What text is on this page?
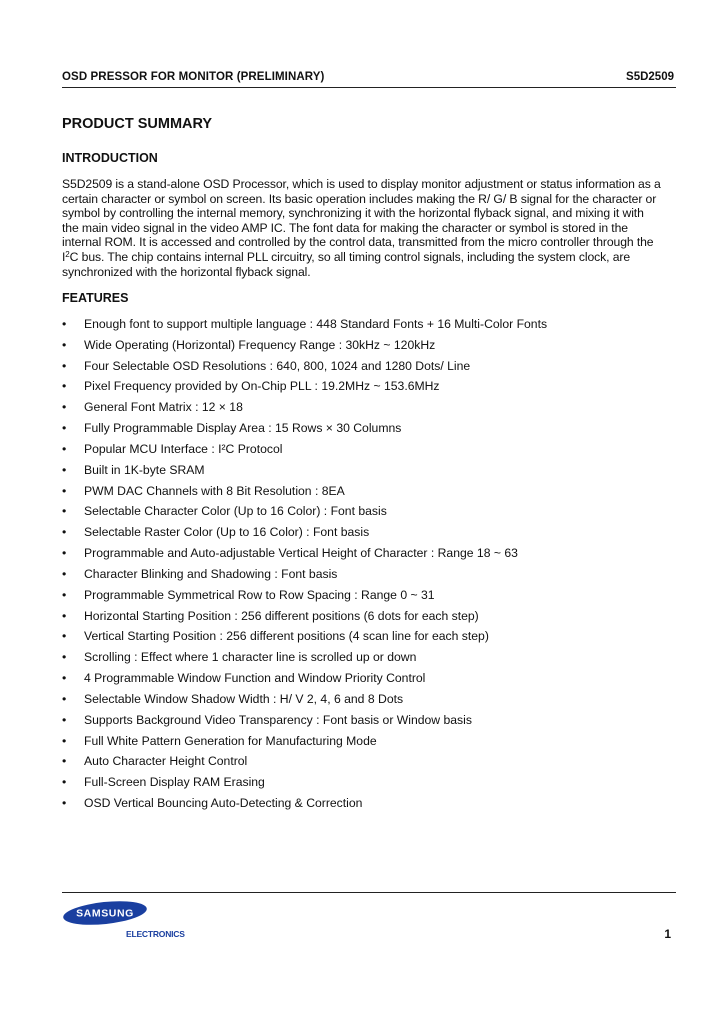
OSD PRESSOR FOR MONITOR (PRELIMINARY)	S5D2509
PRODUCT SUMMARY
INTRODUCTION

S5D2509 is a stand-alone OSD Processor, which is used to display monitor adjustment or status information as a

certain character or symbol on screen. Its basic operation includes making the R/ G/ B signal for the character or

symbol by controlling the internal memory, synchronizing it with the horizontal flyback signal, and mixing it with

the main video signal in the video AMP IC. The font data for making the character or symbol is stored in the

internal ROM. It is accessed and controlled by the control data, transmitted from the micro controller through the

$I^2C$ bus. The chip contains internal PLL circuitry, so all timing control signals, including the system clock, are

synchronized with the horizontal flyback signal.

FEATURES
•	Enough font to support multiple language : 448 Standard Fonts + 16 Multi-Color Fonts
•	Wide Operating (Horizontal) Frequency Range : 30kHz ~ 120kHz
•	Four Selectable OSD Resolutions : 640, 800, 1024 and 1280 Dots/ Line
•	Pixel Frequency provided by On-Chip PLL : 19.2MHz ~ 153.6MHz
•	General Font Matrix : 12 × 18
•	Fully Programmable Display Area : 15 Rows × 30 Columns
•	Popular MCU Interface : I²C Protocol
•	Built in 1K-byte SRAM
•	PWM DAC Channels with 8 Bit Resolution : 8EA
•	Selectable Character Color (Up to 16 Color) : Font basis
•	Selectable Raster Color (Up to 16 Color) : Font basis
•	Programmable and Auto-adjustable Vertical Height of Character : Range 18 ~ 63
•	Character Blinking and Shadowing : Font basis
•	Programmable Symmetrical Row to Row Spacing : Range 0 ~ 31
•	Horizontal Starting Position : 256 different positions (6 dots for each step)
•	Vertical Starting Position : 256 different positions (4 scan line for each step)
•	Scrolling : Effect where 1 character line is scrolled up or down
•	4 Programmable Window Function and Window Priority Control
•	Selectable Window Shadow Width : H/ V 2, 4, 6 and 8 Dots
•	Supports Background Video Transparency : Font basis or Window basis
•	Full White Pattern Generation for Manufacturing Mode
•	Auto Character Height Control
•	Full-Screen Display RAM Erasing
•	OSD Vertical Bouncing Auto-Detecting & Correction
SAMSUNG
ELECTRONICS	1
